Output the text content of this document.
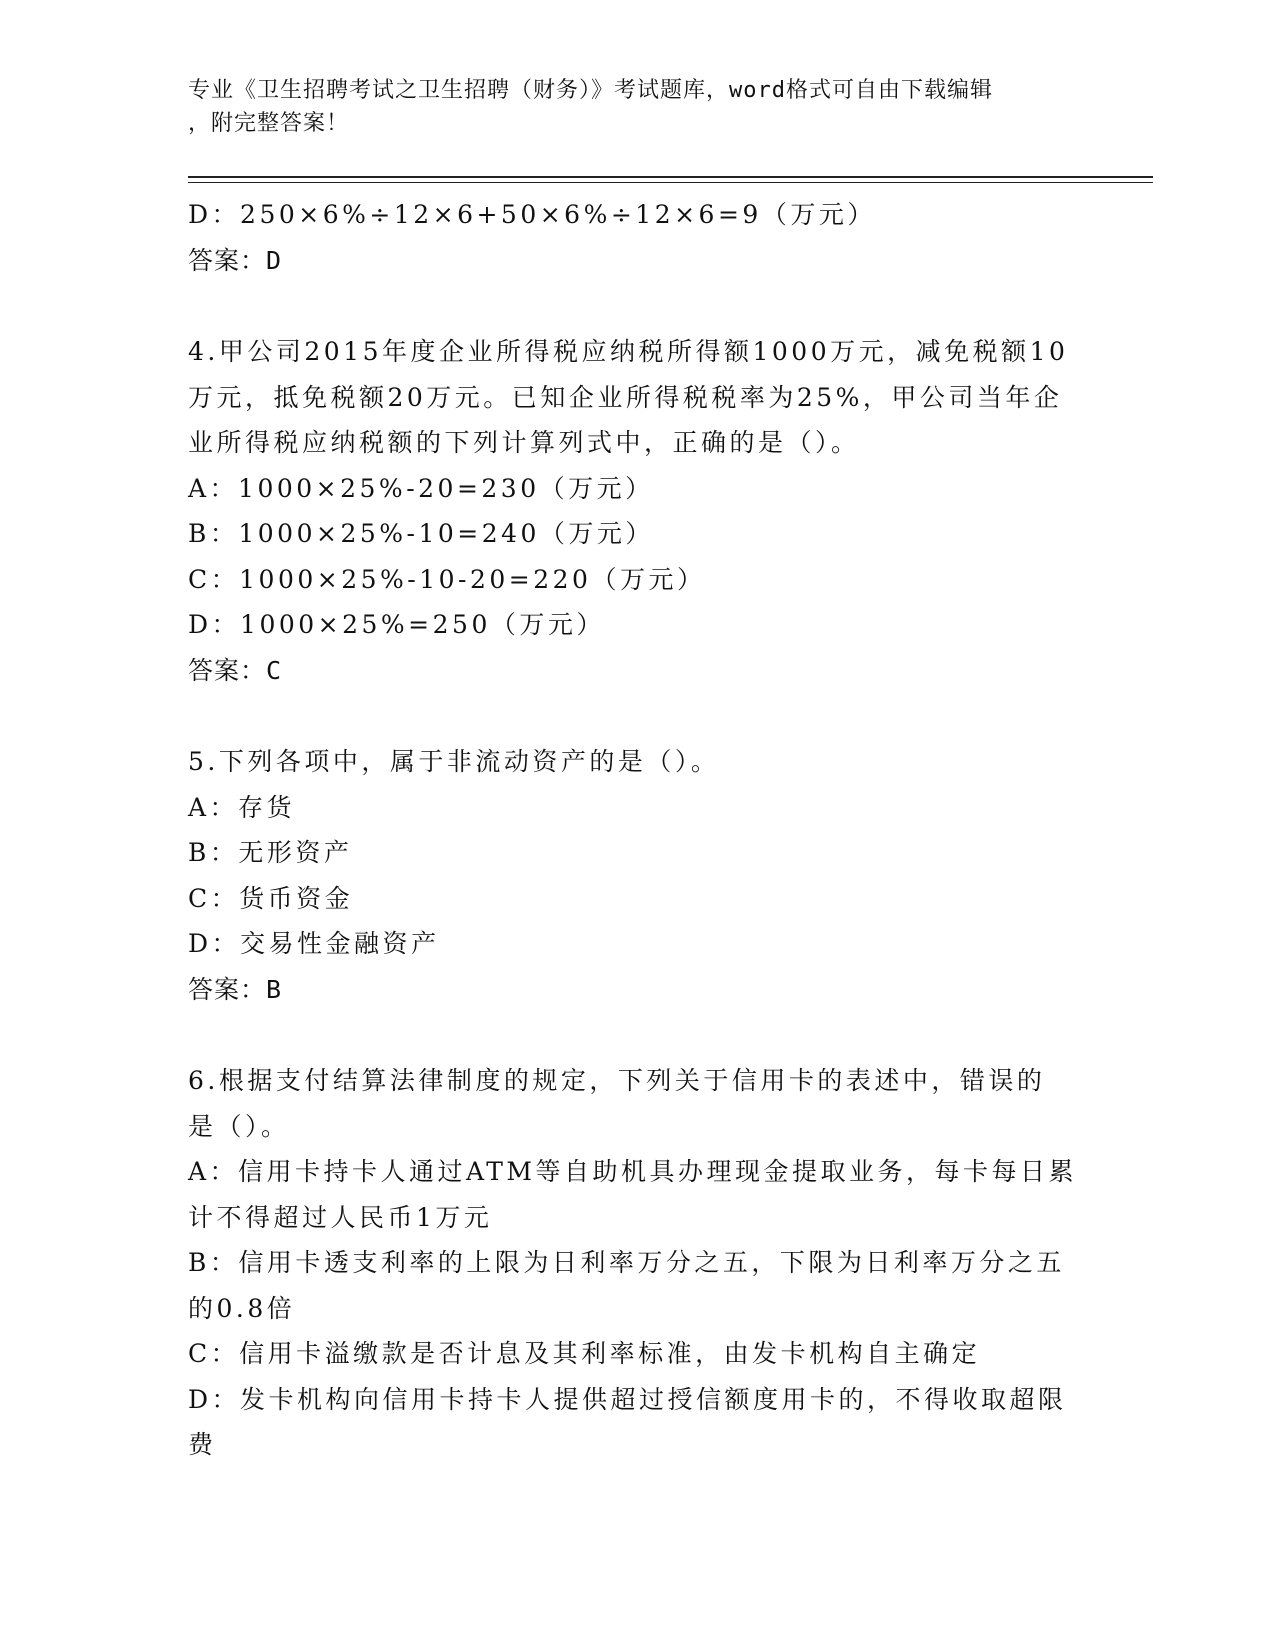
专业《卫生招聘考试之卫生招聘（财务）》考试题库，word格式可自由下载编辑
，附完整答案！

D：250×6%÷12×6+50×6%÷12×6=9（万元）

答案：D

4.甲公司2015年度企业所得税应纳税所得额1000万元，减免税额10

万元，抵免税额20万元。已知企业所得税税率为25%，甲公司当年企

业所得税应纳税额的下列计算列式中，正确的是（）。

A：1000×25%-20=230（万元）

B：1000×25%-10=240（万元）

C：1000×25%-10-20=220（万元）

D：1000×25%=250（万元）

答案：C

5.下列各项中，属于非流动资产的是（）。

A：存货

B：无形资产

C：货币资金

D：交易性金融资产

答案：B

6.根据支付结算法律制度的规定，下列关于信用卡的表述中，错误的

是（）。

A：信用卡持卡人通过ATM等自助机具办理现金提取业务，每卡每日累

计不得超过人民币1万元

B：信用卡透支利率的上限为日利率万分之五，下限为日利率万分之五

的0.8倍

C：信用卡溢缴款是否计息及其利率标准，由发卡机构自主确定

D：发卡机构向信用卡持卡人提供超过授信额度用卡的，不得收取超限

费
